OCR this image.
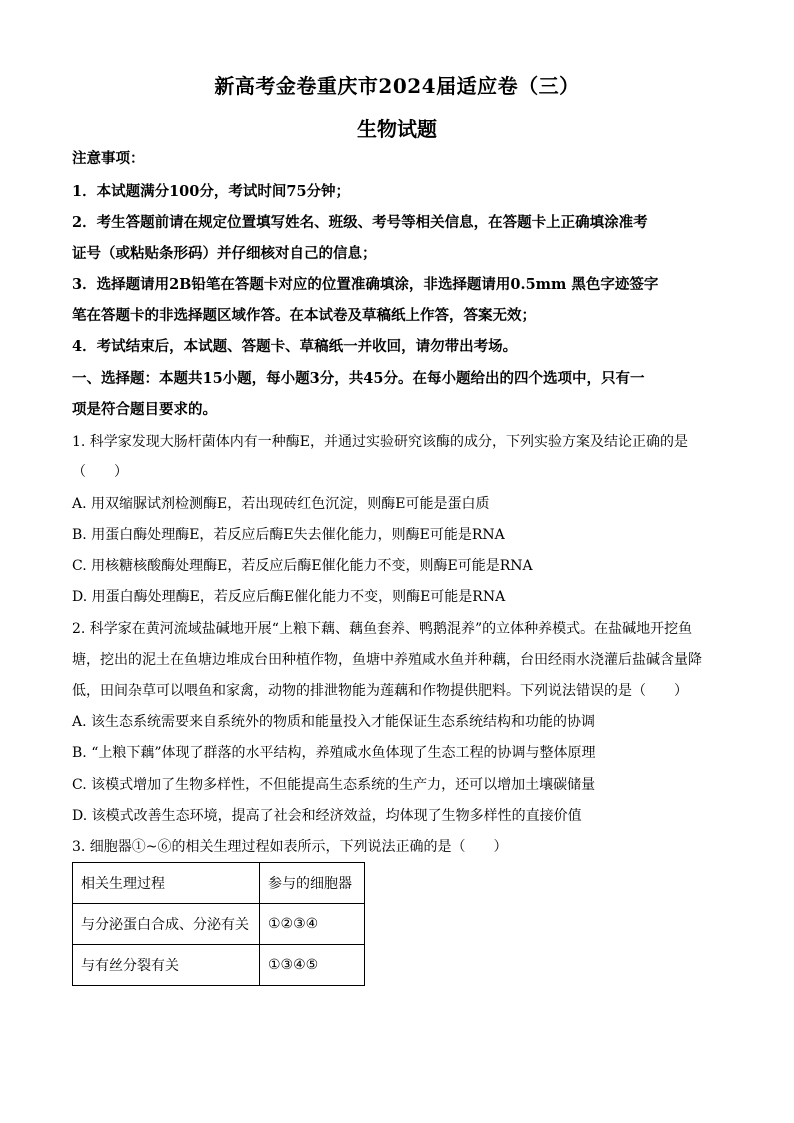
新高考金卷重庆市2024届适应卷（三）
生物试题
注意事项：
1．本试题满分100分，考试时间75分钟；
2．考生答题前请在规定位置填写姓名、班级、考号等相关信息，在答题卡上正确填涂准考
证号（或粘贴条形码）并仔细核对自己的信息；
3．选择题请用2B铅笔在答题卡对应的位置准确填涂，非选择题请用0.5mm 黑色字迹签字
笔在答题卡的非选择题区域作答。在本试卷及草稿纸上作答，答案无效；
4．考试结束后，本试题、答题卡、草稿纸一并收回，请勿带出考场。
一、选择题：本题共15小题，每小题3分，共45分。在每小题给出的四个选项中，只有一
项是符合题目要求的。
1. 科学家发现大肠杆菌体内有一种酶E，并通过实验研究该酶的成分，下列实验方案及结论正确的是
（　　）
A. 用双缩脲试剂检测酶E，若出现砖红色沉淀，则酶E可能是蛋白质
B. 用蛋白酶处理酶E，若反应后酶E失去催化能力，则酶E可能是RNA
C. 用核糖核酸酶处理酶E，若反应后酶E催化能力不变，则酶E可能是RNA
D. 用蛋白酶处理酶E，若反应后酶E催化能力不变，则酶E可能是RNA
2. 科学家在黄河流域盐碱地开展“上粮下藕、藕鱼套养、鸭鹅混养”的立体种养模式。在盐碱地开挖鱼
塘，挖出的泥土在鱼塘边堆成台田种植作物，鱼塘中养殖咸水鱼并种藕，台田经雨水浇灌后盐碱含量降
低，田间杂草可以喂鱼和家禽，动物的排泄物能为莲藕和作物提供肥料。下列说法错误的是（　　）
A. 该生态系统需要来自系统外的物质和能量投入才能保证生态系统结构和功能的协调
B. “上粮下藕”体现了群落的水平结构，养殖咸水鱼体现了生态工程的协调与整体原理
C. 该模式增加了生物多样性，不但能提高生态系统的生产力，还可以增加土壤碳储量
D. 该模式改善生态环境，提高了社会和经济效益，均体现了生物多样性的直接价值
3. 细胞器①~⑥的相关生理过程如表所示，下列说法正确的是（　　）
相关生理过程	参与的细胞器
与分泌蛋白合成、分泌有关	①②③④
与有丝分裂有关	①③④⑤
